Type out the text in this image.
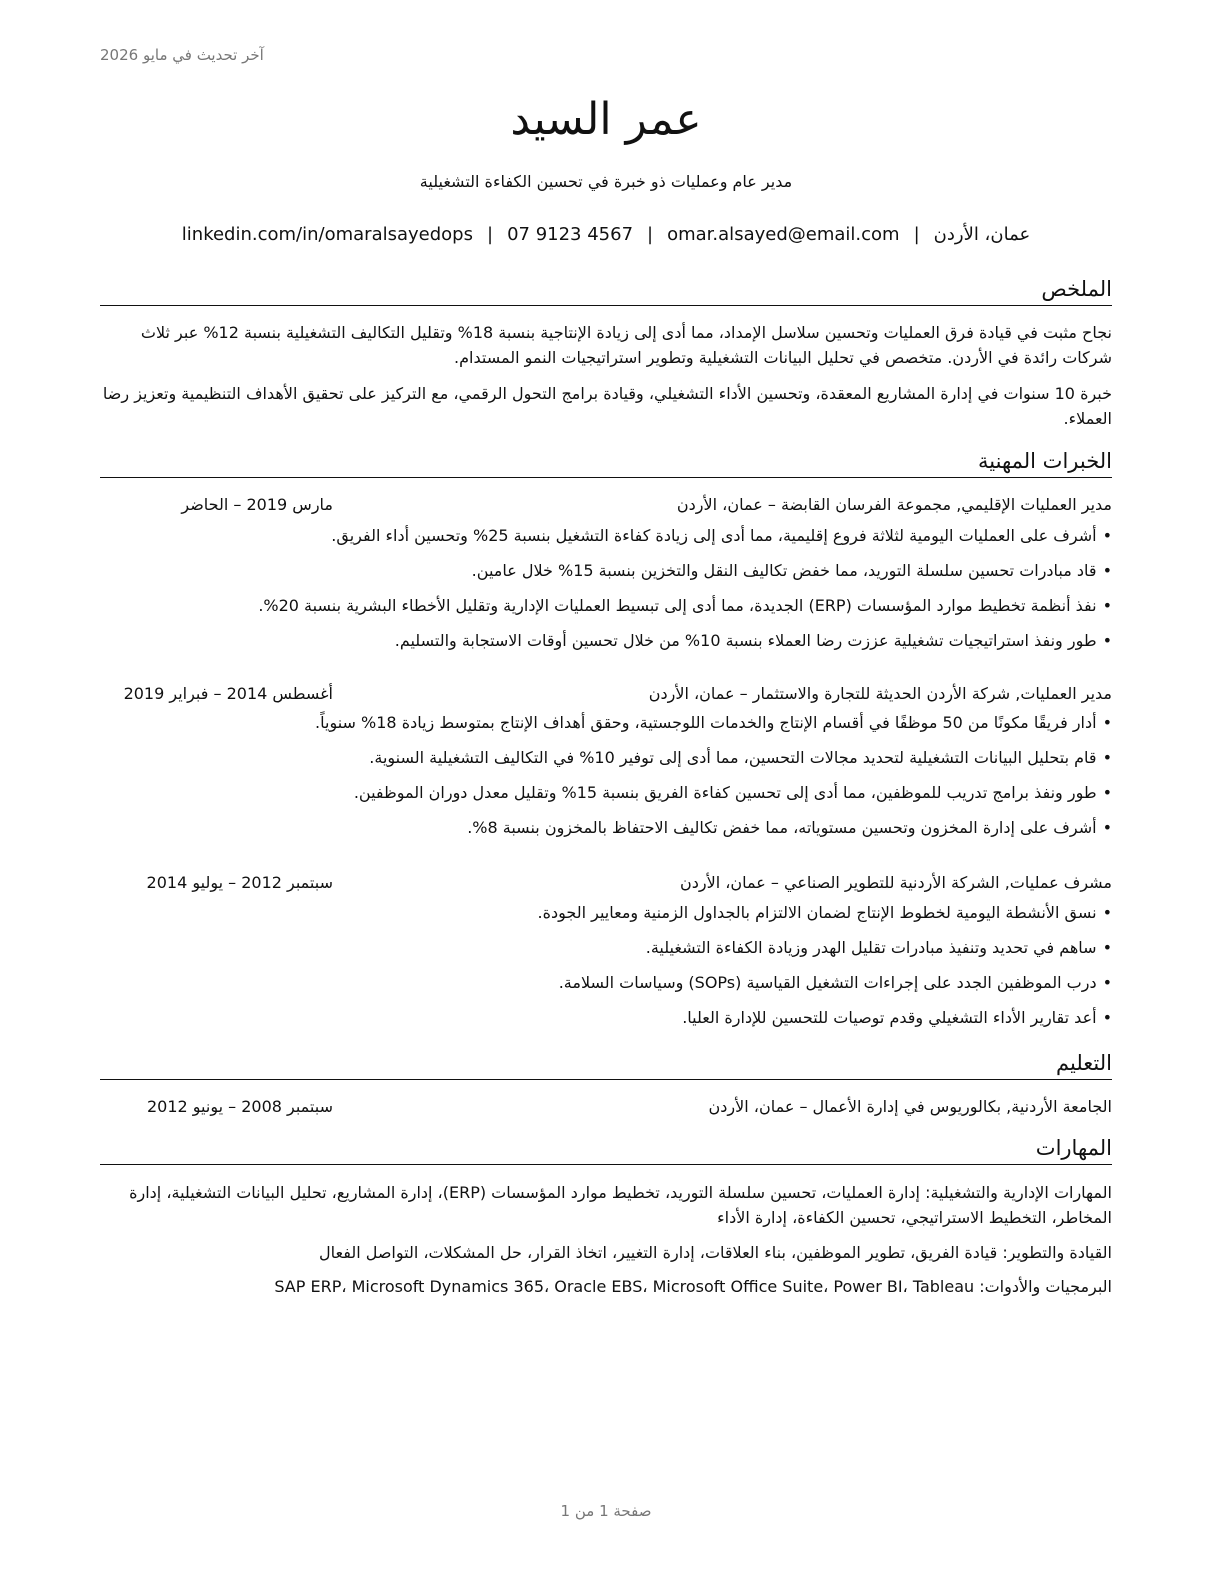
آخر تحديث في مايو 2026
عمر السيد
مدير عام وعمليات ذو خبرة في تحسين الكفاءة التشغيلية
عمان، الأردن|omar.alsayed@email.com|07 9123 4567|linkedin.com/in/omaralsayedops
الملخص
نجاح مثبت في قيادة فرق العمليات وتحسين سلاسل الإمداد، مما أدى إلى زيادة الإنتاجية بنسبة 18% وتقليل التكاليف التشغيلية بنسبة 12% عبر ثلاث شركات رائدة في الأردن. متخصص في تحليل البيانات التشغيلية وتطوير استراتيجيات النمو المستدام.
خبرة 10 سنوات في إدارة المشاريع المعقدة، وتحسين الأداء التشغيلي، وقيادة برامج التحول الرقمي، مع التركيز على تحقيق الأهداف التنظيمية وتعزيز رضا العملاء.
الخبرات المهنية
مدير العمليات الإقليمي, مجموعة الفرسان القابضة – عمان، الأردن
مارس 2019 – الحاضر
•أشرف على العمليات اليومية لثلاثة فروع إقليمية، مما أدى إلى زيادة كفاءة التشغيل بنسبة 25% وتحسين أداء الفريق.
•قاد مبادرات تحسين سلسلة التوريد، مما خفض تكاليف النقل والتخزين بنسبة 15% خلال عامين.
•نفذ أنظمة تخطيط موارد المؤسسات (ERP) الجديدة، مما أدى إلى تبسيط العمليات الإدارية وتقليل الأخطاء البشرية بنسبة 20%.
•طور ونفذ استراتيجيات تشغيلية عززت رضا العملاء بنسبة 10% من خلال تحسين أوقات الاستجابة والتسليم.
مدير العمليات, شركة الأردن الحديثة للتجارة والاستثمار – عمان، الأردن
أغسطس 2014 – فبراير 2019
•أدار فريقًا مكونًا من 50 موظفًا في أقسام الإنتاج والخدمات اللوجستية، وحقق أهداف الإنتاج بمتوسط زيادة 18% سنوياً.
•قام بتحليل البيانات التشغيلية لتحديد مجالات التحسين، مما أدى إلى توفير 10% في التكاليف التشغيلية السنوية.
•طور ونفذ برامج تدريب للموظفين، مما أدى إلى تحسين كفاءة الفريق بنسبة 15% وتقليل معدل دوران الموظفين.
•أشرف على إدارة المخزون وتحسين مستوياته، مما خفض تكاليف الاحتفاظ بالمخزون بنسبة 8%.
مشرف عمليات, الشركة الأردنية للتطوير الصناعي – عمان، الأردن
سبتمبر 2012 – يوليو 2014
•نسق الأنشطة اليومية لخطوط الإنتاج لضمان الالتزام بالجداول الزمنية ومعايير الجودة.
•ساهم في تحديد وتنفيذ مبادرات تقليل الهدر وزيادة الكفاءة التشغيلية.
•درب الموظفين الجدد على إجراءات التشغيل القياسية (SOPs) وسياسات السلامة.
•أعد تقارير الأداء التشغيلي وقدم توصيات للتحسين للإدارة العليا.
التعليم
الجامعة الأردنية, بكالوريوس في إدارة الأعمال – عمان، الأردن
سبتمبر 2008 – يونيو 2012
المهارات
المهارات الإدارية والتشغيلية: إدارة العمليات، تحسين سلسلة التوريد، تخطيط موارد المؤسسات (ERP)، إدارة المشاريع، تحليل البيانات التشغيلية، إدارة المخاطر، التخطيط الاستراتيجي، تحسين الكفاءة، إدارة الأداء
القيادة والتطوير: قيادة الفريق، تطوير الموظفين، بناء العلاقات، إدارة التغيير، اتخاذ القرار، حل المشكلات، التواصل الفعال
البرمجيات والأدوات: SAP ERP، Microsoft Dynamics 365، Oracle EBS، Microsoft Office Suite، Power BI، Tableau
صفحة 1 من 1
